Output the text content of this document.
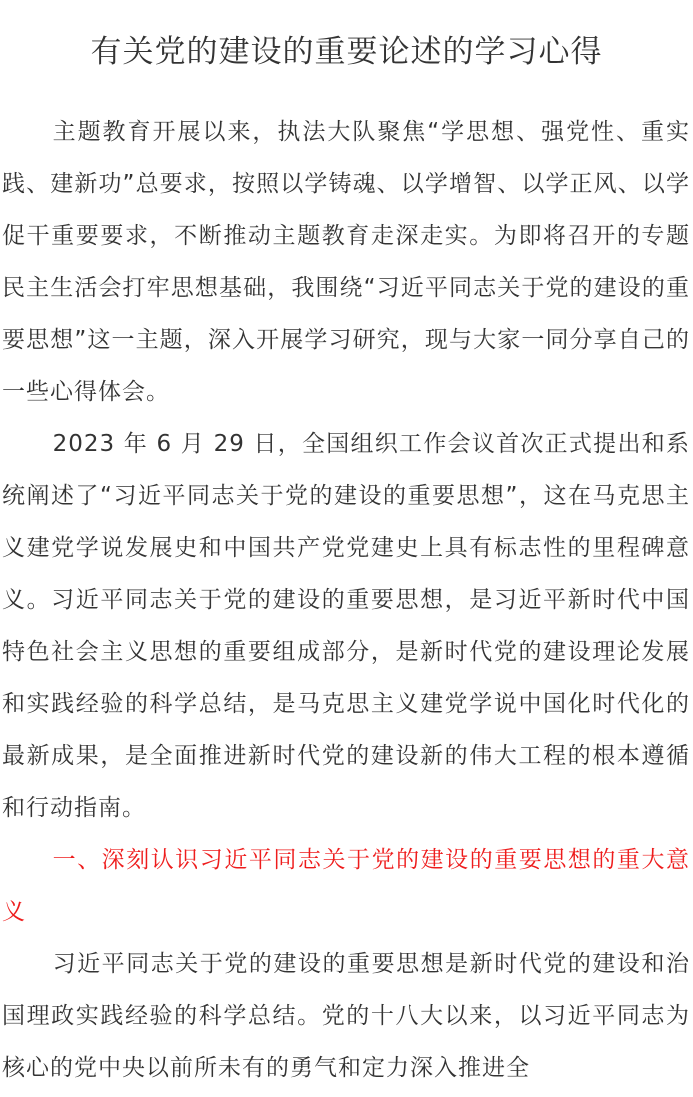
有关党的建设的重要论述的学习心得

主题教育开展以来，执法大队聚焦“学思想、强党性、重实践、建新功”总要求，按照以学铸魂、以学增智、以学正风、以学促干重要要求，不断推动主题教育走深走实。为即将召开的专题民主生活会打牢思想基础，我围绕“习近平同志关于党的建设的重要思想”这一主题，深入开展学习研究，现与大家一同分享自己的一些心得体会。

2023 年 6 月 29 日，全国组织工作会议首次正式提出和系统阐述了“习近平同志关于党的建设的重要思想”，这在马克思主义建党学说发展史和中国共产党党建史上具有标志性的里程碑意义。习近平同志关于党的建设的重要思想，是习近平新时代中国特色社会主义思想的重要组成部分，是新时代党的建设理论发展和实践经验的科学总结，是马克思主义建党学说中国化时代化的最新成果，是全面推进新时代党的建设新的伟大工程的根本遵循和行动指南。

一、深刻认识习近平同志关于党的建设的重要思想的重大意义

习近平同志关于党的建设的重要思想是新时代党的建设和治国理政实践经验的科学总结。党的十八大以来，以习近平同志为核心的党中央以前所未有的勇气和定力深入推进全
